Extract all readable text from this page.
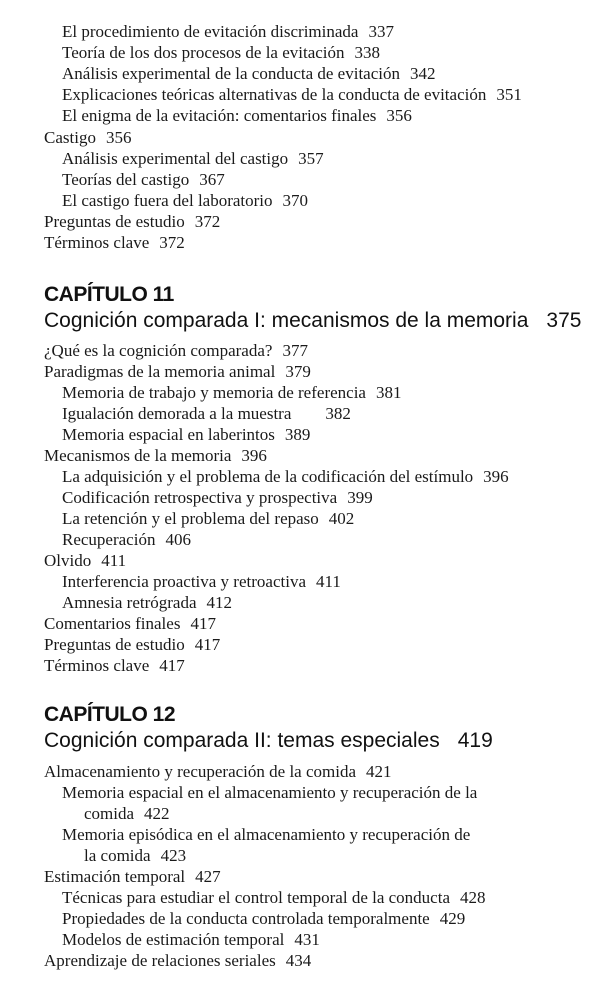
El procedimiento de evitación discriminada 337
Teoría de los dos procesos de la evitación 338
Análisis experimental de la conducta de evitación 342
Explicaciones teóricas alternativas de la conducta de evitación 351
El enigma de la evitación: comentarios finales 356
Castigo 356
Análisis experimental del castigo 357
Teorías del castigo 367
El castigo fuera del laboratorio 370
Preguntas de estudio 372
Términos clave 372
CAPÍTULO 11
Cognición comparada I: mecanismos de la memoria 375
¿Qué es la cognición comparada? 377
Paradigmas de la memoria animal 379
Memoria de trabajo y memoria de referencia 381
Igualación demorada a la muestra 382
Memoria espacial en laberintos 389
Mecanismos de la memoria 396
La adquisición y el problema de la codificación del estímulo 396
Codificación retrospectiva y prospectiva 399
La retención y el problema del repaso 402
Recuperación 406
Olvido 411
Interferencia proactiva y retroactiva 411
Amnesia retrógrada 412
Comentarios finales 417
Preguntas de estudio 417
Términos clave 417
CAPÍTULO 12
Cognición comparada II: temas especiales 419
Almacenamiento y recuperación de la comida 421
Memoria espacial en el almacenamiento y recuperación de la
comida 422
Memoria episódica en el almacenamiento y recuperación de
la comida 423
Estimación temporal 427
Técnicas para estudiar el control temporal de la conducta 428
Propiedades de la conducta controlada temporalmente 429
Modelos de estimación temporal 431
Aprendizaje de relaciones seriales 434
